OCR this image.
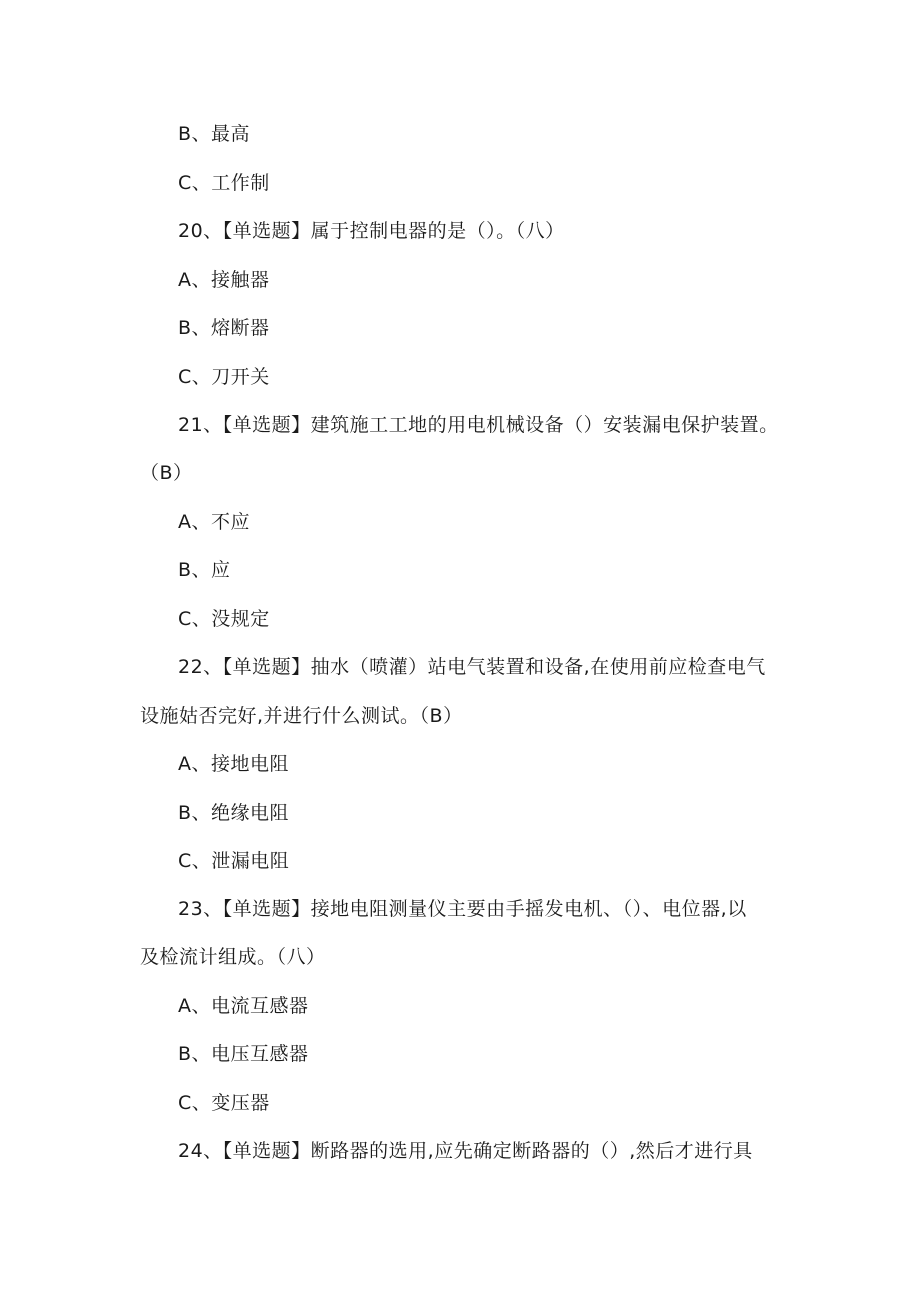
B、最高
C、工作制
20、【单选题】属于控制电器的是（）。（八）
A、接触器
B、熔断器
C、刀开关
21、【单选题】建筑施工工地的用电机械设备（）安装漏电保护装置。
（B）
A、不应
B、应
C、没规定
22、【单选题】抽水（喷灌）站电气装置和设备,在使用前应检查电气
设施姑否完好,并进行什么测试。（B）
A、接地电阻
B、绝缘电阻
C、泄漏电阻
23、【单选题】接地电阻测量仪主要由手摇发电机、（）、电位器,以
及检流计组成。（八）
A、电流互感器
B、电压互感器
C、变压器
24、【单选题】断路器的选用,应先确定断路器的（）,然后才进行具
